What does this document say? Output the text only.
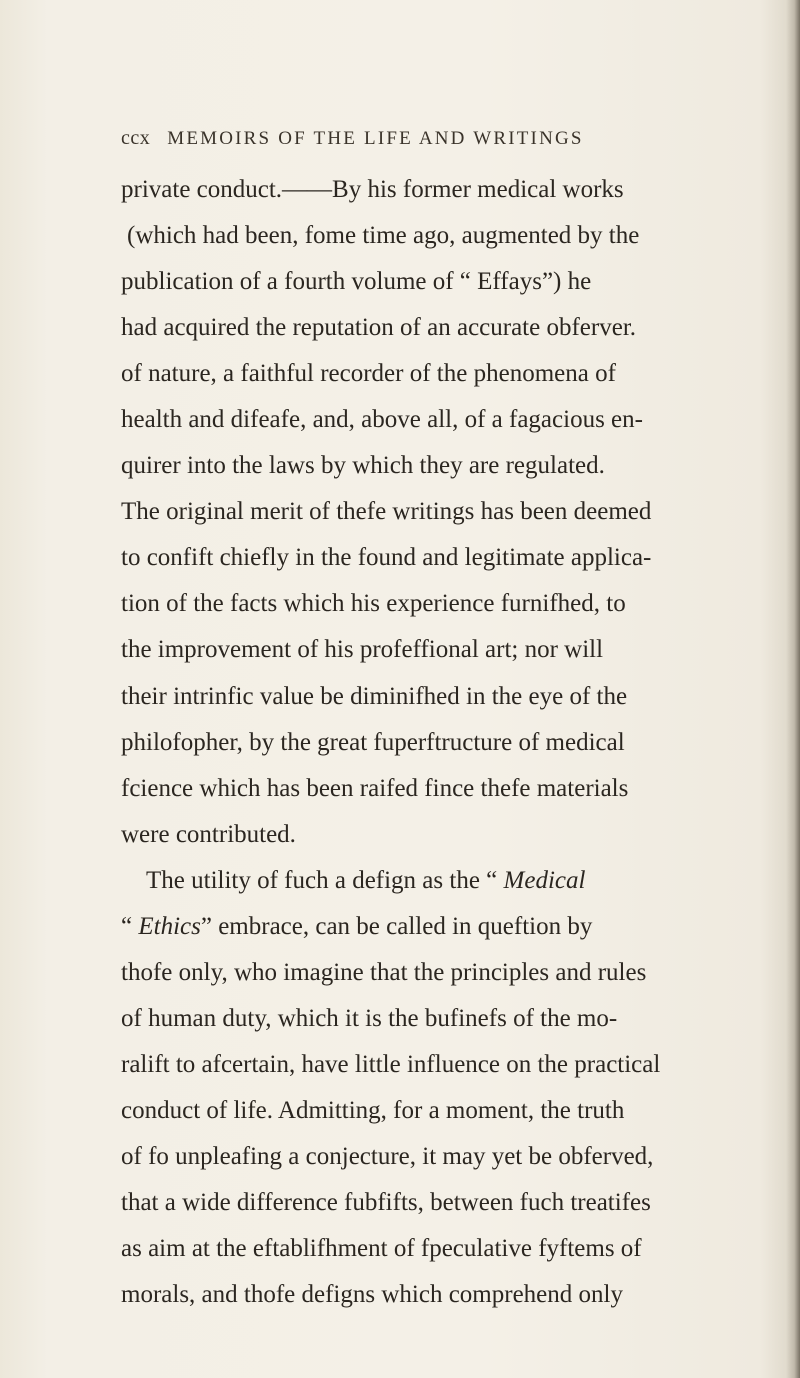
ccx MEMOIRS OF THE LIFE AND WRITINGS
private conduct.——By his former medical works
(which had been, fome time ago, augmented by the
publication of a fourth volume of “ Effays”) he
had acquired the reputation of an accurate obferver.
of nature, a faithful recorder of the phenomena of
health and difeafe, and, above all, of a fagacious en-
quirer into the laws by which they are regulated.
The original merit of thefe writings has been deemed
to confift chiefly in the found and legitimate applica-
tion of the facts which his experience furnifhed, to
the improvement of his profeffional art; nor will
their intrinfic value be diminifhed in the eye of the
philofopher, by the great fuperftructure of medical
fcience which has been raifed fince thefe materials
were contributed.
The utility of fuch a defign as the “ Medical
“ Ethics” embrace, can be called in queftion by
thofe only, who imagine that the principles and rules
of human duty, which it is the bufinefs of the mo-
ralift to afcertain, have little influence on the practical
conduct of life. Admitting, for a moment, the truth
of fo unpleafing a conjecture, it may yet be obferved,
that a wide difference fubfifts, between fuch treatifes
as aim at the eftablifhment of fpeculative fyftems of
morals, and thofe defigns which comprehend only
